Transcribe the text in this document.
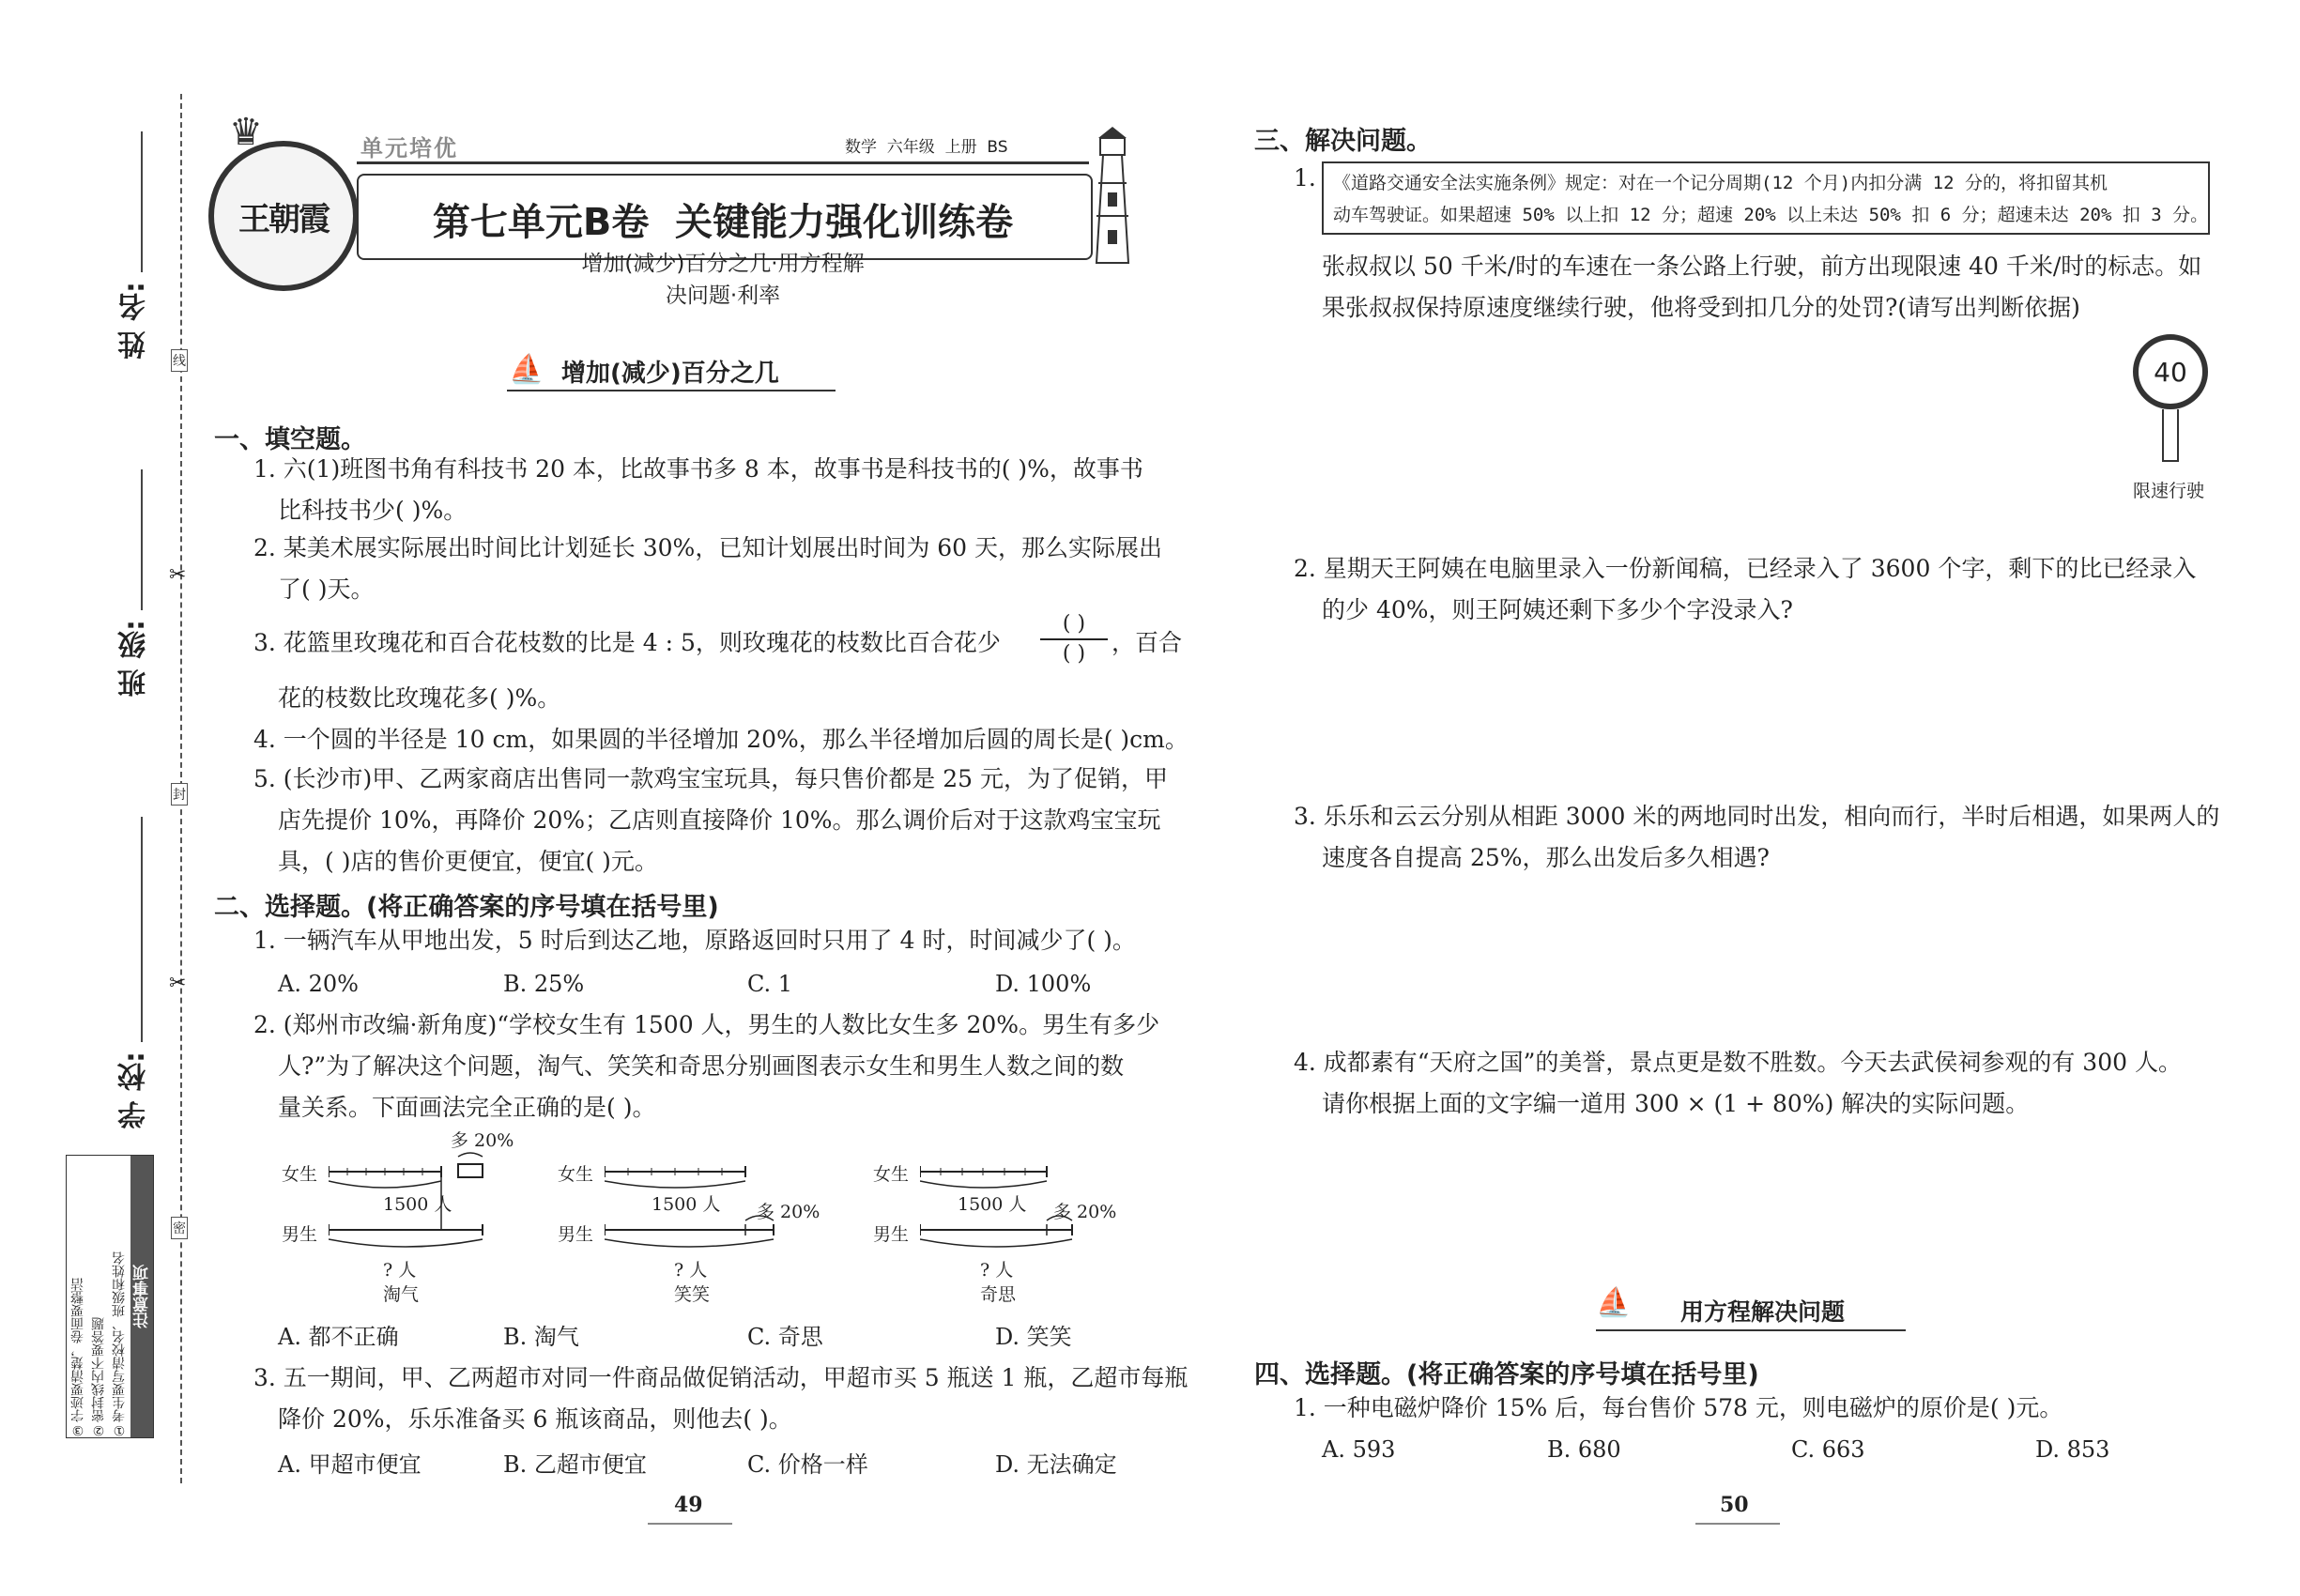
线
封
密
✂
✂
姓 名:
班 级:
学 校:
注意事项
①考生要写清校名、班级和姓名
②密封线内不要答题
③字迹要清楚，卷面要整洁
王朝霞
♛	单元培优	数学  六年级  上册  BS
第七单元B卷  关键能力强化训练卷
增加(减少)百分之几·用方程解
决问题·利率
⛵ 增加(减少)百分之几
一、填空题。
1. 六(1)班图书角有科技书 20 本，比故事书多 8 本，故事书是科技书的( )%，故事书
比科技书少( )%。
2. 某美术展实际展出时间比计划延长 30%，已知计划展出时间为 60 天，那么实际展出
了( )天。
3. 花篮里玫瑰花和百合花枝数的比是 4 : 5，则玫瑰花的枝数比百合花少
( )
( )	，百合
花的枝数比玫瑰花多( )%。
4. 一个圆的半径是 10 cm，如果圆的半径增加 20%，那么半径增加后圆的周长是( )cm。
5. (长沙市)甲、乙两家商店出售同一款鸡宝宝玩具，每只售价都是 25 元，为了促销，甲
店先提价 10%，再降价 20%；乙店则直接降价 10%。那么调价后对于这款鸡宝宝玩
具，( )店的售价更便宜，便宜( )元。
二、选择题。(将正确答案的序号填在括号里)
1. 一辆汽车从甲地出发，5 时后到达乙地，原路返回时只用了 4 时，时间减少了( )。
A. 20%	B. 25%	C. 1	D. 100%
2. (郑州市改编·新角度)“学校女生有 1500 人，男生的人数比女生多 20%。男生有多少
人?”为了解决这个问题，淘气、笑笑和奇思分别画图表示女生和男生人数之间的数
量关系。下面画法完全正确的是( )。
多 20%
女生
1500 人
男生
? 人
淘气
女生
1500 人 多 20%
男生
? 人
笑笑
女生
1500 人 多 20%
男生
? 人
奇思
A. 都不正确	B. 淘气	C. 奇思	D. 笑笑
3. 五一期间，甲、乙两超市对同一件商品做促销活动，甲超市买 5 瓶送 1 瓶，乙超市每瓶
降价 20%，乐乐准备买 6 瓶该商品，则他去( )。
A. 甲超市便宜	B. 乙超市便宜	C. 价格一样	D. 无法确定
49
三、解决问题。
1. 《道路交通安全法实施条例》规定：对在一个记分周期(12 个月)内扣分满 12 分的，将扣留其机
动车驾驶证。如果超速 50% 以上扣 12 分；超速 20% 以上未达 50% 扣 6 分；超速未达 20% 扣 3 分。
张叔叔以 50 千米/时的车速在一条公路上行驶，前方出现限速 40 千米/时的标志。如
果张叔叔保持原速度继续行驶，他将受到扣几分的处罚?(请写出判断依据)
40
限速行驶
2. 星期天王阿姨在电脑里录入一份新闻稿，已经录入了 3600 个字，剩下的比已经录入
的少 40%，则王阿姨还剩下多少个字没录入?
3. 乐乐和云云分别从相距 3000 米的两地同时出发，相向而行，半时后相遇，如果两人的
速度各自提高 25%，那么出发后多久相遇?
4. 成都素有“天府之国”的美誉，景点更是数不胜数。今天去武侯祠参观的有 300 人。
请你根据上面的文字编一道用 300 × (1 + 80%) 解决的实际问题。
⛵ 用方程解决问题
四、选择题。(将正确答案的序号填在括号里)
1. 一种电磁炉降价 15% 后，每台售价 578 元，则电磁炉的原价是( )元。
A. 593	B. 680	C. 663	D. 853
50
